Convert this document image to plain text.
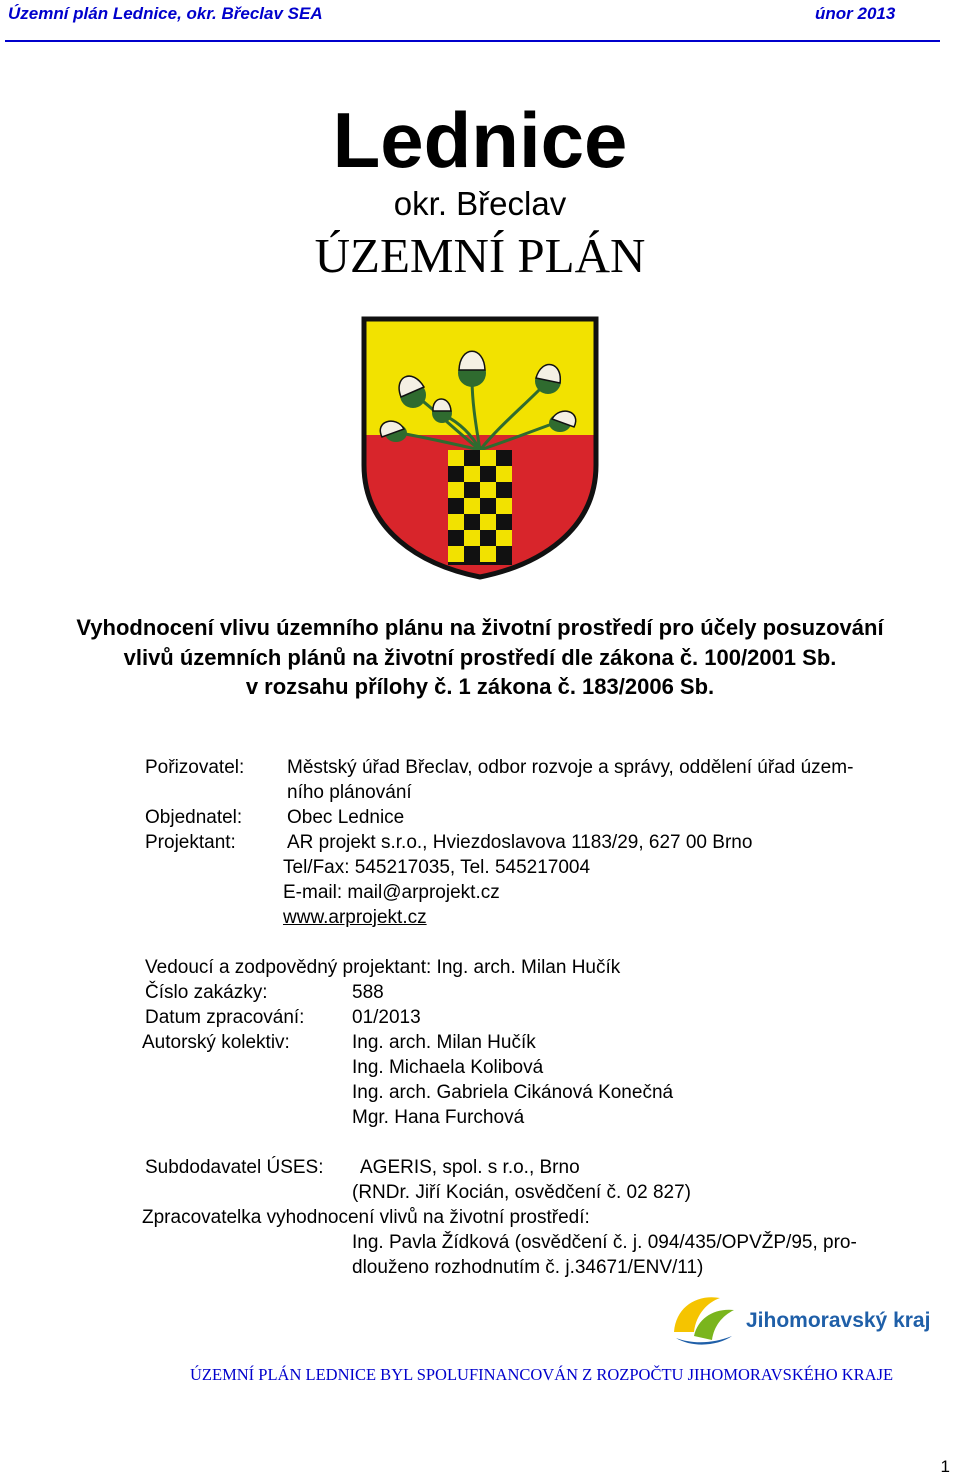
Územní plán Lednice, okr. Břeclav SEA	únor 2013
Lednice
okr. Břeclav
ÚZEMNÍ PLÁN
Vyhodnocení vlivu územního plánu na životní prostředí pro účely posuzování
vlivů územních plánů na životní prostředí dle zákona č. 100/2001 Sb.
v rozsahu přílohy č. 1 zákona č. 183/2006 Sb.
Pořizovatel: Městský úřad Břeclav, odbor rozvoje a správy, oddělení úřad územ-
ního plánování
Objednatel: Obec Lednice
Projektant:	AR projekt s.r.o., Hviezdoslavova 1183/29, 627 00 Brno
Tel/Fax: 545217035, Tel. 545217004
E-mail: mail@arprojekt.cz
www.arprojekt.cz
Vedoucí a zodpovědný projektant: Ing. arch. Milan Hučík
Číslo zakázky:	588
Datum zpracování:	01/2013
Autorský kolektiv:	Ing. arch. Milan Hučík
Ing. Michaela Kolibová
Ing. arch. Gabriela Cikánová Konečná
Mgr. Hana Furchová
Subdodavatel ÚSES: AGERIS, spol. s r.o., Brno
(RNDr. Jiří Kocián, osvědčení č. 02 827)
Zpracovatelka vyhodnocení vlivů na životní prostředí:
Ing. Pavla Žídková (osvědčení č. j. 094/435/OPVŽP/95, pro-
dlouženo rozhodnutím č. j.34671/ENV/11)
Jihomoravský kraj
ÚZEMNÍ PLÁN LEDNICE BYL SPOLUFINANCOVÁN Z ROZPOČTU JIHOMORAVSKÉHO KRAJE
1
